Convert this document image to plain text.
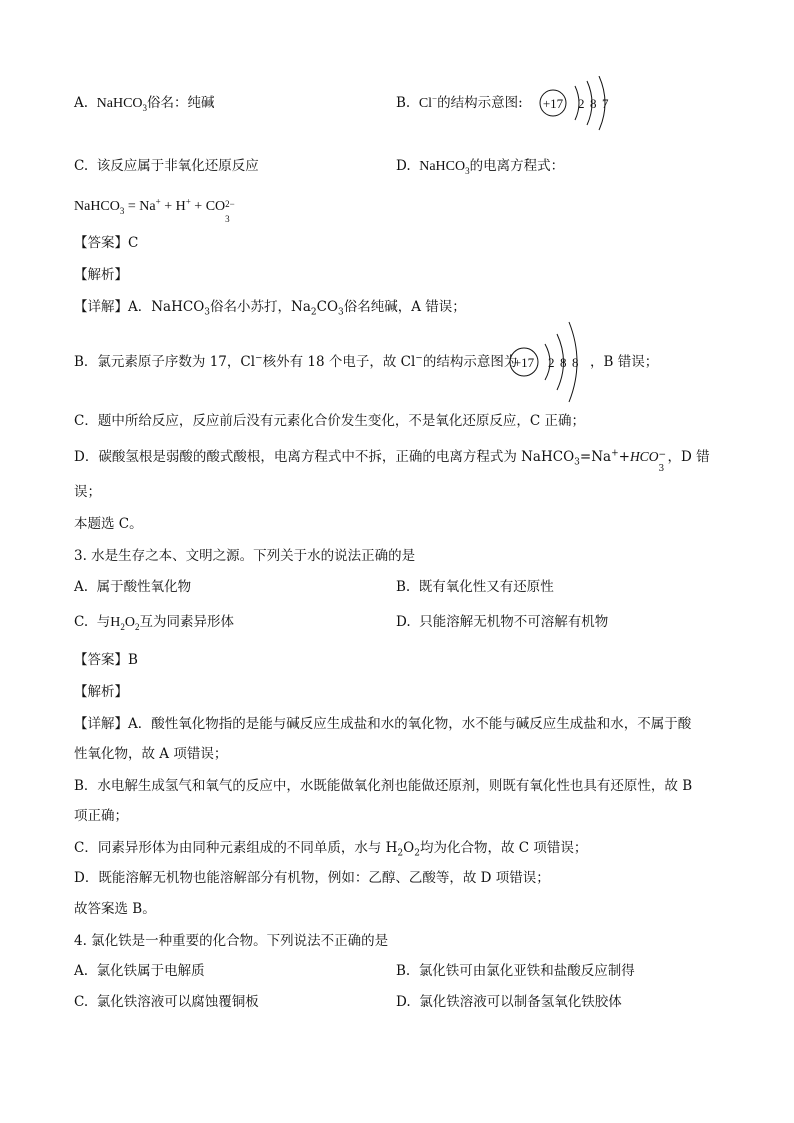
A. NaHCO$_3$俗名：纯碱	B. Cl−的结构示意图: +17 2 8 7
C. 该反应属于非氧化还原反应	D. NaHCO$_3$的电离方程式：
NaHCO$_3$ = Na+ + H+ + CO 2−
3
【答案】C
【解析】
【详解】A．NaHCO$_3$俗名小苏打，$Na_2CO_3$俗名纯碱，A 错误；
B．氯元素原子序数为 17，Cl−核外有 18 个电子，故 Cl−的结构示意图为
+17 2 8 8 ，B 错误；
C．题中所给反应，反应前后没有元素化合价发生变化，不是氧化还原反应，C 正确；
D．碳酸氢根是弱酸的酸式酸根，电离方程式中不拆，正确的电离方程式为 NaHCO$_3$=Na++HCO −
3
，D 错
误；
本题选 C。
3. 水是生存之本、文明之源。下列关于水的说法正确的是
A. 属于酸性氧化物	B. 既有氧化性又有还原性
C. 与$H_2O_2$互为同素异形体	D. 只能溶解无机物不可溶解有机物
【答案】B
【解析】
【详解】A．酸性氧化物指的是能与碱反应生成盐和水的氧化物，水不能与碱反应生成盐和水，不属于酸
性氧化物，故 A 项错误；
B．水电解生成氢气和氧气的反应中，水既能做氧化剂也能做还原剂，则既有氧化性也具有还原性，故 B
项正确；
C．同素异形体为由同种元素组成的不同单质，水与 $H_2O_2$均为化合物，故 C 项错误；
D．既能溶解无机物也能溶解部分有机物，例如：乙醇、乙酸等，故 D 项错误；
故答案选 B。
4. 氯化铁是一种重要的化合物。下列说法不正确的是
A. 氯化铁属于电解质	B. 氯化铁可由氯化亚铁和盐酸反应制得
C. 氯化铁溶液可以腐蚀覆铜板	D. 氯化铁溶液可以制备氢氧化铁胶体
